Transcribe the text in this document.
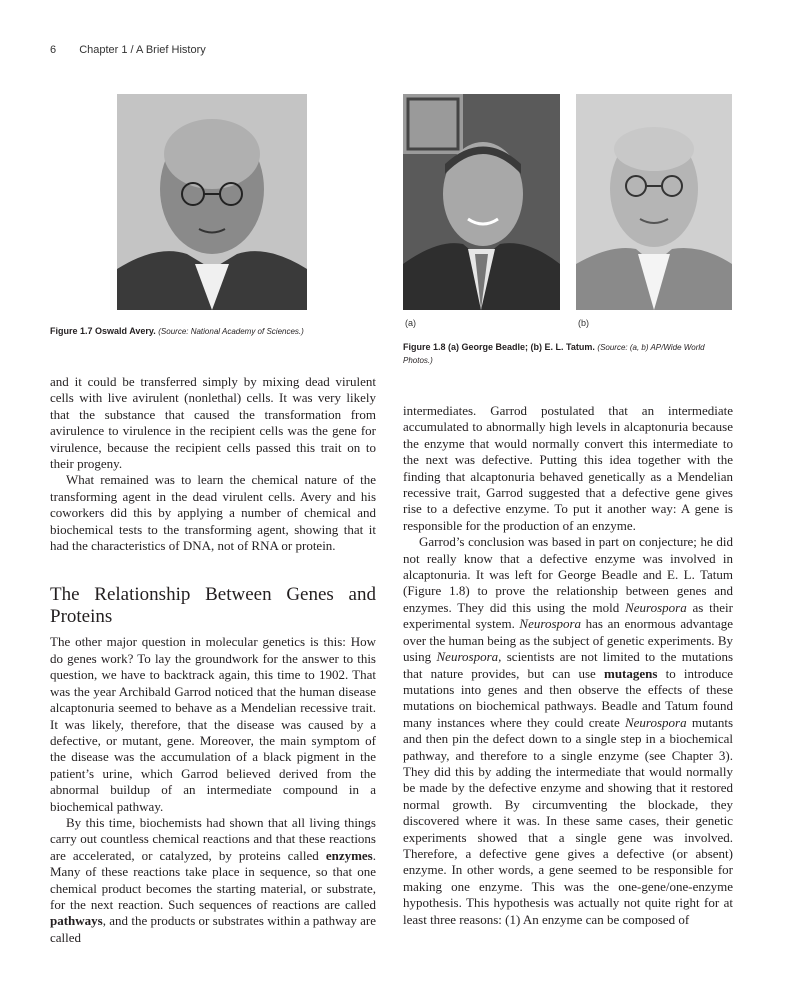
6 Chapter 1 / A Brief History
Figure 1.7 Oswald Avery. (Source: National Academy of Sciences.)
(a)	(b)
Figure 1.8 (a) George Beadle; (b) E. L. Tatum. (Source: (a, b) AP/Wide World Photos.)

and it could be transferred simply by mixing dead virulent cells with live avirulent (nonlethal) cells. It was very likely that the substance that caused the transformation from avirulence to virulence in the recipient cells was the gene for virulence, because the recipient cells passed this trait on to their progeny.

What remained was to learn the chemical nature of the transforming agent in the dead virulent cells. Avery and his coworkers did this by applying a number of chemical and biochemical tests to the transforming agent, showing that it had the characteristics of DNA, not of RNA or protein.

The Relationship Between Genes and Proteins

The other major question in molecular genetics is this: How do genes work? To lay the groundwork for the answer to this question, we have to backtrack again, this time to 1902. That was the year Archibald Garrod noticed that the human disease alcaptonuria seemed to behave as a Mendelian recessive trait. It was likely, therefore, that the disease was caused by a defective, or mutant, gene. Moreover, the main symptom of the disease was the accumulation of a black pigment in the patient’s urine, which Garrod believed derived from the abnormal buildup of an intermediate compound in a biochemical pathway.

By this time, biochemists had shown that all living things carry out countless chemical reactions and that these reactions are accelerated, or catalyzed, by proteins called enzymes. Many of these reactions take place in sequence, so that one chemical product becomes the starting material, or substrate, for the next reaction. Such sequences of reactions are called pathways, and the products or substrates within a pathway are called

intermediates. Garrod postulated that an intermediate accumulated to abnormally high levels in alcaptonuria because the enzyme that would normally convert this intermediate to the next was defective. Putting this idea together with the finding that alcaptonuria behaved genetically as a Mendelian recessive trait, Garrod suggested that a defective gene gives rise to a defective enzyme. To put it another way: A gene is responsible for the production of an enzyme.

Garrod’s conclusion was based in part on conjecture; he did not really know that a defective enzyme was involved in alcaptonuria. It was left for George Beadle and E. L. Tatum (Figure 1.8) to prove the relationship between genes and enzymes. They did this using the mold Neurospora as their experimental system. Neurospora has an enormous advantage over the human being as the subject of genetic experiments. By using Neurospora, scientists are not limited to the mutations that nature provides, but can use mutagens to introduce mutations into genes and then observe the effects of these mutations on biochemical pathways. Beadle and Tatum found many instances where they could create Neurospora mutants and then pin the defect down to a single step in a biochemical pathway, and therefore to a single enzyme (see Chapter 3). They did this by adding the intermediate that would normally be made by the defective enzyme and showing that it restored normal growth. By circumventing the blockade, they discovered where it was. In these same cases, their genetic experiments showed that a single gene was involved. Therefore, a defective gene gives a defective (or absent) enzyme. In other words, a gene seemed to be responsible for making one enzyme. This was the one-gene/one-enzyme hypothesis. This hypothesis was actually not quite right for at least three reasons: (1) An enzyme can be composed of
